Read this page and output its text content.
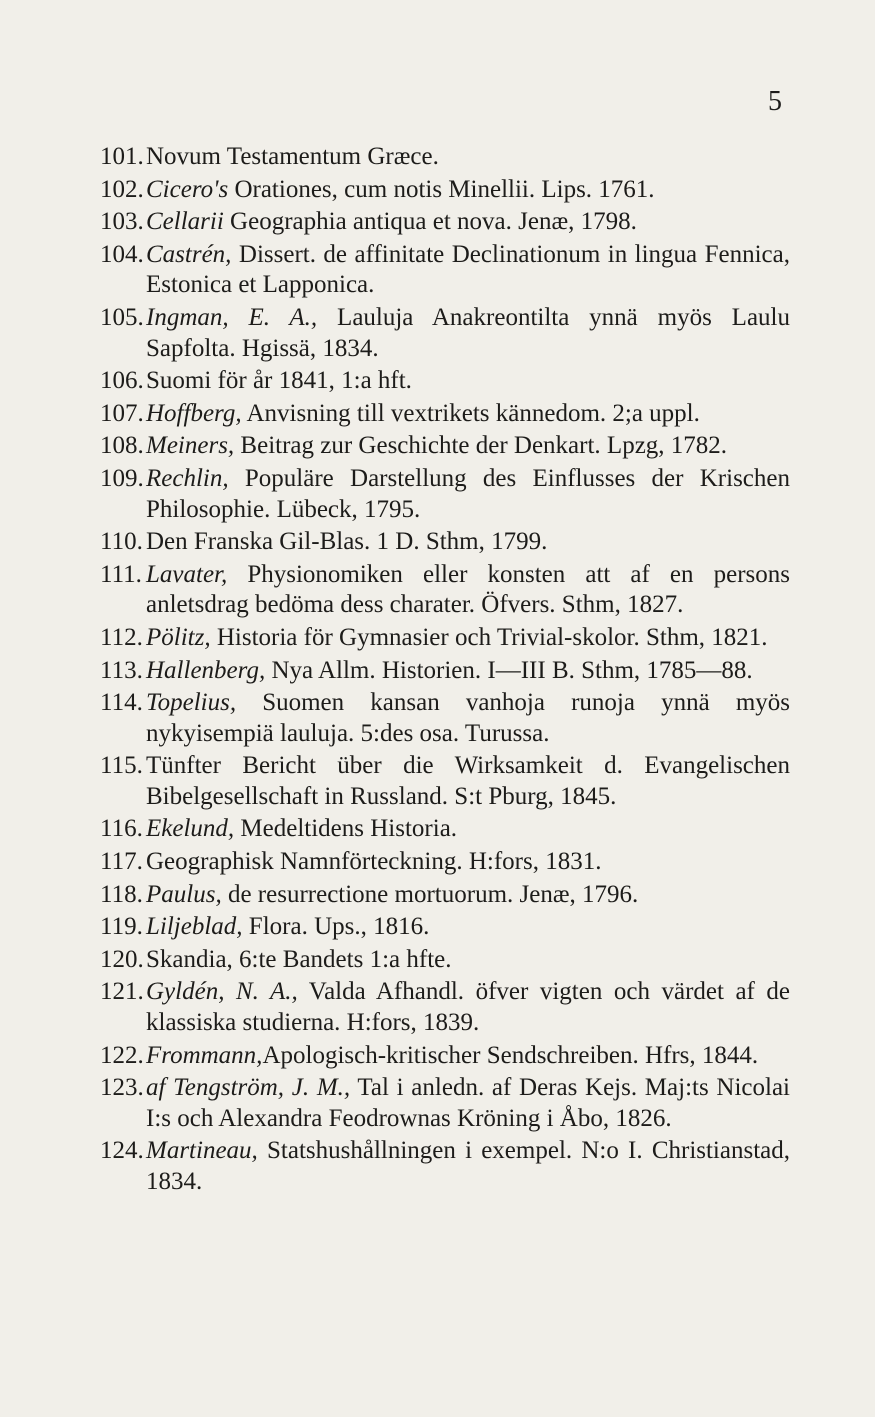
5
101. Novum Testamentum Græce.
102. Cicero's Orationes, cum notis Minellii. Lips. 1761.
103. Cellarii Geographia antiqua et nova. Jenæ, 1798.
104. Castrén, Dissert. de affinitate Declinationum in lingua Fennica, Estonica et Lapponica.
105. Ingman, E. A., Lauluja Anakreontilta ynnä myös Laulu Sapfolta. Hgissä, 1834.
106. Suomi för år 1841, 1:a hft.
107. Hoffberg, Anvisning till vextrikets kännedom. 2;a uppl.
108. Meiners, Beitrag zur Geschichte der Denkart. Lpzg, 1782.
109. Rechlin, Populäre Darstellung des Einflusses der Krischen Philosophie. Lübeck, 1795.
110. Den Franska Gil-Blas. 1 D. Sthm, 1799.
111. Lavater, Physionomiken eller konsten att af en persons anletsdrag bedöma dess charater. Öfvers. Sthm, 1827.
112. Pölitz, Historia för Gymnasier och Trivial-skolor. Sthm, 1821.
113. Hallenberg, Nya Allm. Historien. I—III B. Sthm, 1785—88.
114. Topelius, Suomen kansan vanhoja runoja ynnä myös nykyisempiä lauluja. 5:des osa. Turussa.
115. Tünfter Bericht über die Wirksamkeit d. Evangelischen Bibelgesellschaft in Russland. S:t Pburg, 1845.
116. Ekelund, Medeltidens Historia.
117. Geographisk Namnförteckning. H:fors, 1831.
118. Paulus, de resurrectione mortuorum. Jenæ, 1796.
119. Liljeblad, Flora. Ups., 1816.
120. Skandia, 6:te Bandets 1:a hfte.
121. Gyldén, N. A., Valda Afhandl. öfver vigten och värdet af de klassiska studierna. H:fors, 1839.
122. Frommann,Apologisch-kritischer Sendschreiben. Hfrs, 1844.
123. af Tengström, J. M., Tal i anledn. af Deras Kejs. Maj:ts Nicolai I:s och Alexandra Feodrownas Kröning i Åbo, 1826.
124. Martineau, Statshushållningen i exempel. N:o I. Christianstad, 1834.
